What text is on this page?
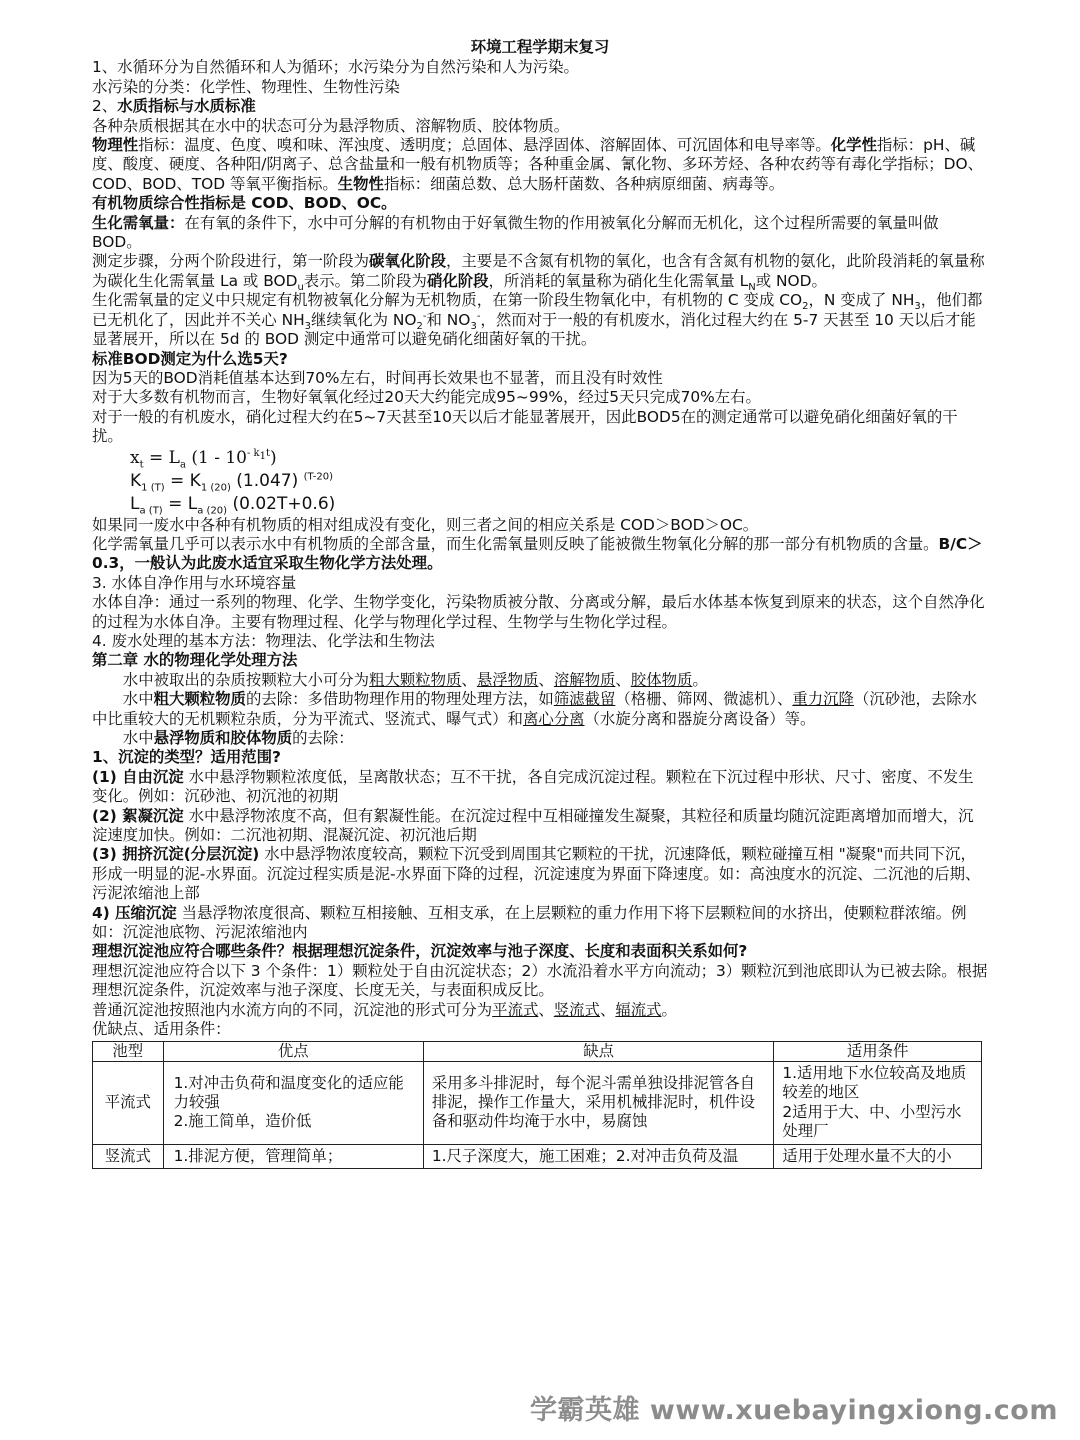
环境工程学期末复习

1、水循环分为自然循环和人为循环；水污染分为自然污染和人为污染。

水污染的分类：化学性、物理性、生物性污染

2、水质指标与水质标准

各种杂质根据其在水中的状态可分为悬浮物质、溶解物质、胶体物质。

物理性指标：温度、色度、嗅和味、浑浊度、透明度；总固体、悬浮固体、溶解固体、可沉固体和电导率等。化学性指标：pH、碱度、酸度、硬度、各种阳/阴离子、总含盐量和一般有机物质等；各种重金属、氰化物、多环芳烃、各种农药等有毒化学指标；DO、COD、BOD、TOD 等氧平衡指标。生物性指标：细菌总数、总大肠杆菌数、各种病原细菌、病毒等。

有机物质综合性指标是 COD、BOD、OC。

生化需氧量：在有氧的条件下，水中可分解的有机物由于好氧微生物的作用被氧化分解而无机化，这个过程所需要的氧量叫做 BOD。

测定步骤，分两个阶段进行，第一阶段为碳氧化阶段，主要是不含氮有机物的氧化，也含有含氮有机物的氨化，此阶段消耗的氧量称为碳化生化需氧量 La 或 $BOD_u$表示。第二阶段为硝化阶段，所消耗的氧量称为硝化生化需氧量 $L_N$或 NOD。

生化需氧量的定义中只规定有机物被氧化分解为无机物质，在第一阶段生物氧化中，有机物的 C 变成 $CO_2$，N 变成了 $NH_3$，他们都已无机化了，因此并不关心 $NH_3$继续氧化为 $NO_2^-$和 $NO_3^-$，然而对于一般的有机废水，消化过程大约在 5-7 天甚至 10 天以后才能显著展开，所以在 5d 的 BOD 测定中通常可以避免硝化细菌好氧的干扰。

标准BOD测定为什么选5天?

因为5天的BOD消耗值基本达到70%左右，时间再长效果也不显著，而且没有时效性

对于大多数有机物而言，生物好氧氧化经过20天大约能完成95~99%，经过5天只完成70%左右。

对于一般的有机废水，硝化过程大约在5~7天甚至10天以后才能显著展开，因此BOD5在的测定通常可以避免硝化细菌好氧的干扰。

$x_t = L_a$ $(1 - 10^{- k_1t})$
$K_{1 (T)} = K_{1 (20)}$ (1.047) $^{(T-20)}$
$L_{a (T)} = L_{a (20)}$ (0.02T+0.6)

如果同一废水中各种有机物质的相对组成没有变化，则三者之间的相应关系是 COD＞BOD＞OC。

化学需氧量几乎可以表示水中有机物质的全部含量，而生化需氧量则反映了能被微生物氧化分解的那一部分有机物质的含量。B/C＞0.3，一般认为此废水适宜采取生物化学方法处理。

3. 水体自净作用与水环境容量

水体自净：通过一系列的物理、化学、生物学变化，污染物质被分散、分离或分解，最后水体基本恢复到原来的状态，这个自然净化的过程为水体自净。主要有物理过程、化学与物理化学过程、生物学与生物化学过程。

4. 废水处理的基本方法：物理法、化学法和生物法

第二章 水的物理化学处理方法

水中被取出的杂质按颗粒大小可分为粗大颗粒物质、悬浮物质、溶解物质、胶体物质。

水中粗大颗粒物质的去除：多借助物理作用的物理处理方法，如筛滤截留（格栅、筛网、微滤机）、重力沉降（沉砂池，去除水中比重较大的无机颗粒杂质，分为平流式、竖流式、曝气式）和离心分离（水旋分离和器旋分离设备）等。

水中悬浮物质和胶体物质的去除：

1、沉淀的类型？适用范围?

(1) 自由沉淀 水中悬浮物颗粒浓度低，呈离散状态；互不干扰，各自完成沉淀过程。颗粒在下沉过程中形状、尺寸、密度、不发生变化。例如：沉砂池、初沉池的初期

(2) 絮凝沉淀 水中悬浮物浓度不高，但有絮凝性能。在沉淀过程中互相碰撞发生凝聚，其粒径和质量均随沉淀距离增加而增大，沉淀速度加快。例如：二沉池初期、混凝沉淀、初沉池后期

(3) 拥挤沉淀(分层沉淀) 水中悬浮物浓度较高，颗粒下沉受到周围其它颗粒的干扰，沉速降低，颗粒碰撞互相 "凝聚"而共同下沉，形成一明显的泥-水界面。沉淀过程实质是泥-水界面下降的过程，沉淀速度为界面下降速度。如：高浊度水的沉淀、二沉池的后期、污泥浓缩池上部

4) 压缩沉淀 当悬浮物浓度很高、颗粒互相接触、互相支承，在上层颗粒的重力作用下将下层颗粒间的水挤出，使颗粒群浓缩。例如：沉淀池底物、污泥浓缩池内

理想沉淀池应符合哪些条件？根据理想沉淀条件，沉淀效率与池子深度、长度和表面积关系如何?

理想沉淀池应符合以下 3 个条件：1）颗粒处于自由沉淀状态；2）水流沿着水平方向流动；3）颗粒沉到池底即认为已被去除。根据理想沉淀条件，沉淀效率与池子深度、长度无关，与表面积成反比。

普通沉淀池按照池内水流方向的不同，沉淀池的形式可分为平流式、竖流式、辐流式。

优缺点、适用条件：

池型	优点	缺点	适用条件
平流式	1.对冲击负荷和温度变化的适应能力较强
2.施工简单，造价低	采用多斗排泥时，每个泥斗需单独设排泥管各自排泥，操作工作量大，采用机械排泥时，机件设备和驱动件均淹于水中，易腐蚀	1.适用地下水位较高及地质较差的地区
2适用于大、中、小型污水处理厂

竖流式	1.排泥方便，管理简单；	1.尺子深度大，施工困难；2.对冲击负荷及温	适用于处理水量不大的小
学霸英雄 www.xuebayingxiong.com
